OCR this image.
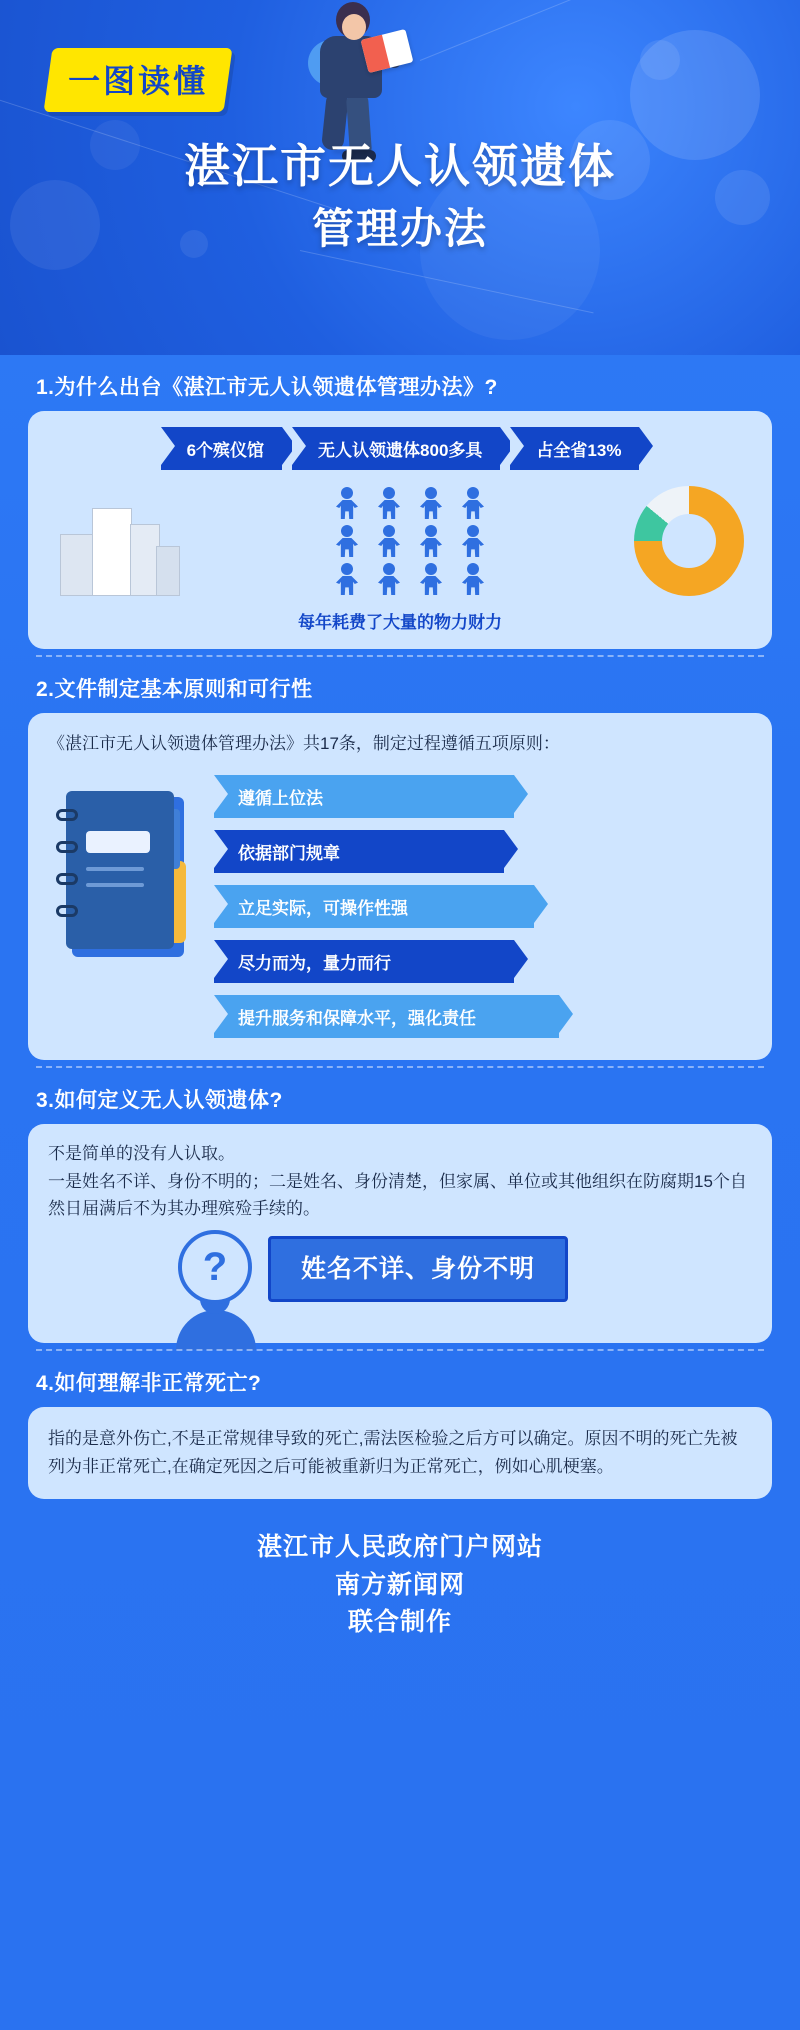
一图读懂
湛江市无人认领遗体
管理办法
1.为什么出台《湛江市无人认领遗体管理办法》?
6个殡仪馆	无人认领遗体800多具	占全省13%
每年耗费了大量的物力财力
2.文件制定基本原则和可行性
《湛江市无人认领遗体管理办法》共17条，制定过程遵循五项原则：
遵循上位法
依据部门规章
立足实际，可操作性强
尽力而为，量力而行
提升服务和保障水平，强化责任
3.如何定义无人认领遗体?
不是简单的没有人认取。
一是姓名不详、身份不明的；二是姓名、身份清楚，但家属、单位或其他组织在防腐期15个自然日届满后不为其办理殡殓手续的。
?	姓名不详、身份不明
4.如何理解非正常死亡?
指的是意外伤亡,不是正常规律导致的死亡,需法医检验之后方可以确定。原因不明的死亡先被列为非正常死亡,在确定死因之后可能被重新归为正常死亡，例如心肌梗塞。
湛江市人民政府门户网站
南方新闻网
联合制作
